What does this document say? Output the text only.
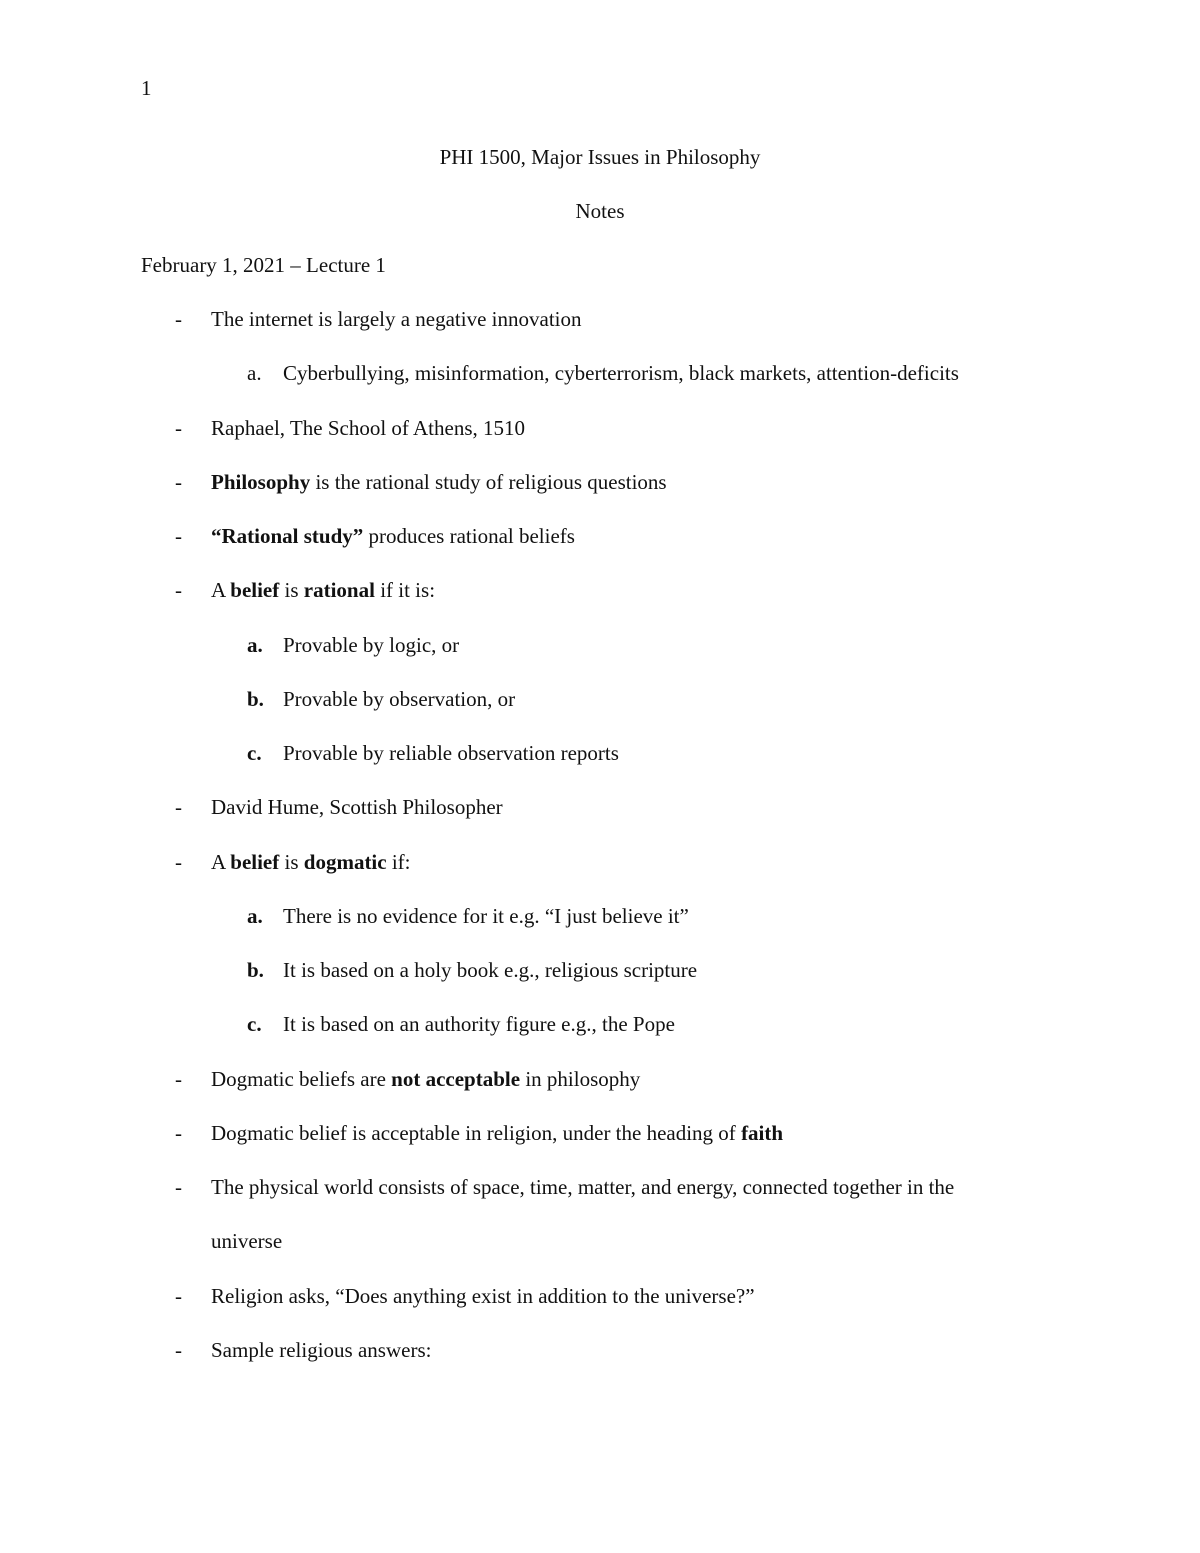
1
PHI 1500, Major Issues in Philosophy
Notes
February 1, 2021 – Lecture 1
- The internet is largely a negative innovation
a. Cyberbullying, misinformation, cyberterrorism, black markets, attention-deficits
- Raphael, The School of Athens, 1510
- Philosophy is the rational study of religious questions
- “Rational study” produces rational beliefs
- A belief is rational if it is:
a. Provable by logic, or
b. Provable by observation, or
c. Provable by reliable observation reports
- David Hume, Scottish Philosopher
- A belief is dogmatic if:
a. There is no evidence for it e.g. “I just believe it”
b. It is based on a holy book e.g., religious scripture
c. It is based on an authority figure e.g., the Pope
- Dogmatic beliefs are not acceptable in philosophy
- Dogmatic belief is acceptable in religion, under the heading of faith
- The physical world consists of space, time, matter, and energy, connected together in the
universe
- Religion asks, “Does anything exist in addition to the universe?”
- Sample religious answers:
